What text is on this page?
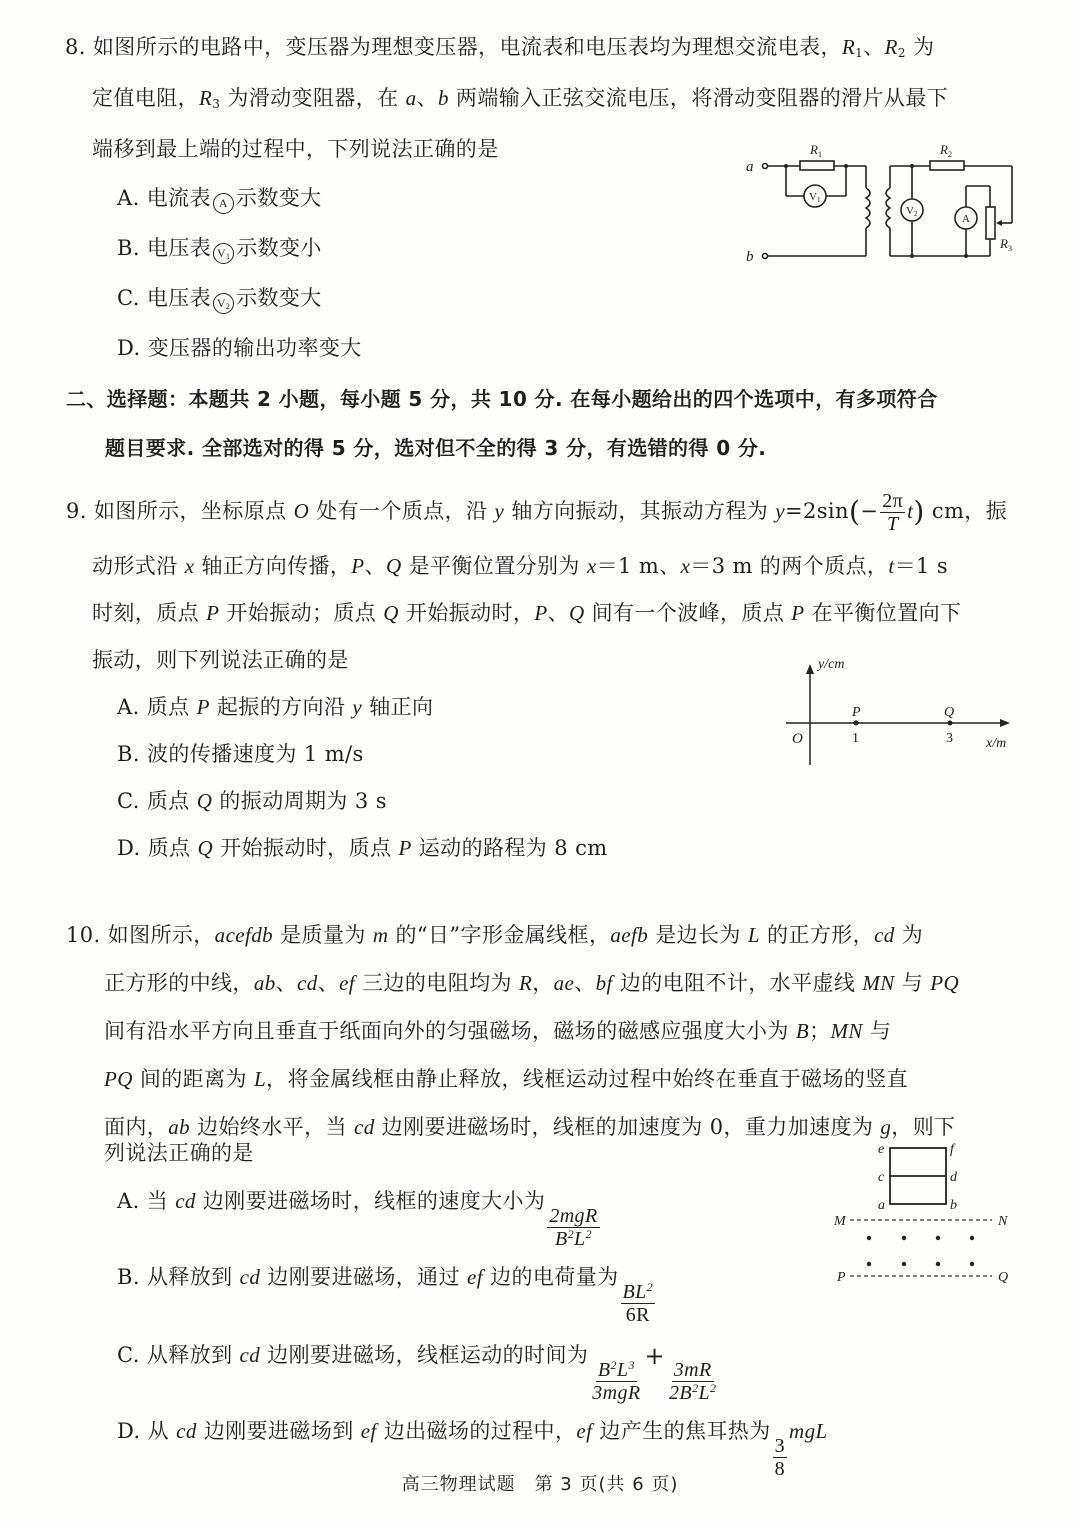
8. 如图所示的电路中，变压器为理想变压器，电流表和电压表均为理想交流电表，$R_1$、$R_2$ 为
定值电阻，$R_3$ 为滑动变阻器，在 a、b 两端输入正弦交流电压，将滑动变阻器的滑片从最下
端移到最上端的过程中，下列说法正确的是
A. 电流表 A 示数变大
B. 电压表 $V_1$ 示数变小
C. 电压表 $V_2$ 示数变大
D. 变压器的输出功率变大
a
b
$R_1$	$R_2$
$R_3$
V1
V2	A
二、选择题：本题共 2 小题，每小题 5 分，共 10 分. 在每小题给出的四个选项中，有多项符合
题目要求. 全部选对的得 5 分，选对但不全的得 3 分，有选错的得 0 分.
9. 如图所示，坐标原点 O 处有一个质点，沿 y 轴方向振动，其振动方程为 $y=2\sin(- \frac{2\pi}{T} t)$ cm，振
动形式沿 x 轴正方向传播，P、Q 是平衡位置分别为 x＝1 m、x＝3 m 的两个质点，t＝1 s
时刻，质点 P 开始振动；质点 Q 开始振动时，P、Q 间有一个波峰，质点 P 在平衡位置向下
振动，则下列说法正确的是
A. 质点 P 起振的方向沿 y 轴正向
B. 波的传播速度为 1 m/s
C. 质点 Q 的振动周期为 3 s
D. 质点 Q 开始振动时，质点 P 运动的路程为 8 cm
y/cm
x/m
O
P	Q
1	3
10. 如图所示，acefdb 是质量为 m 的“日”字形金属线框，aefb 是边长为 L 的正方形，cd 为
正方形的中线，ab、cd、ef 三边的电阻均为 R，ae、bf 边的电阻不计，水平虚线 MN 与 PQ
间有沿水平方向且垂直于纸面向外的匀强磁场，磁场的磁感应强度大小为 B；MN 与
PQ 间的距离为 L，将金属线框由静止释放，线框运动过程中始终在垂直于磁场的竖直
面内，ab 边始终水平，当 cd 边刚要进磁场时，线框的加速度为 0，重力加速度为 g，则下
列说法正确的是
A. 当 cd 边刚要进磁场时，线框的速度大小为
$\frac{\text{2mgR}}{B^2L^2}$
B. 从释放到 cd 边刚要进磁场，通过 ef 边的电荷量为
$\frac{BL^2}{6R}$
C. 从释放到 cd 边刚要进磁场，线框运动的时间为
$\frac{B^2L^3}{\text{3mgR}}$
+
$\frac{3mR}{2B^2L^2}$
D. 从 cd 边刚要进磁场到 ef 边出磁场的过程中，ef 边产生的焦耳热为
$\frac{3}{8}$
mgL
e	f
c	d
a	b
M	N
P	Q
高三物理试题　第 3 页(共 6 页)
